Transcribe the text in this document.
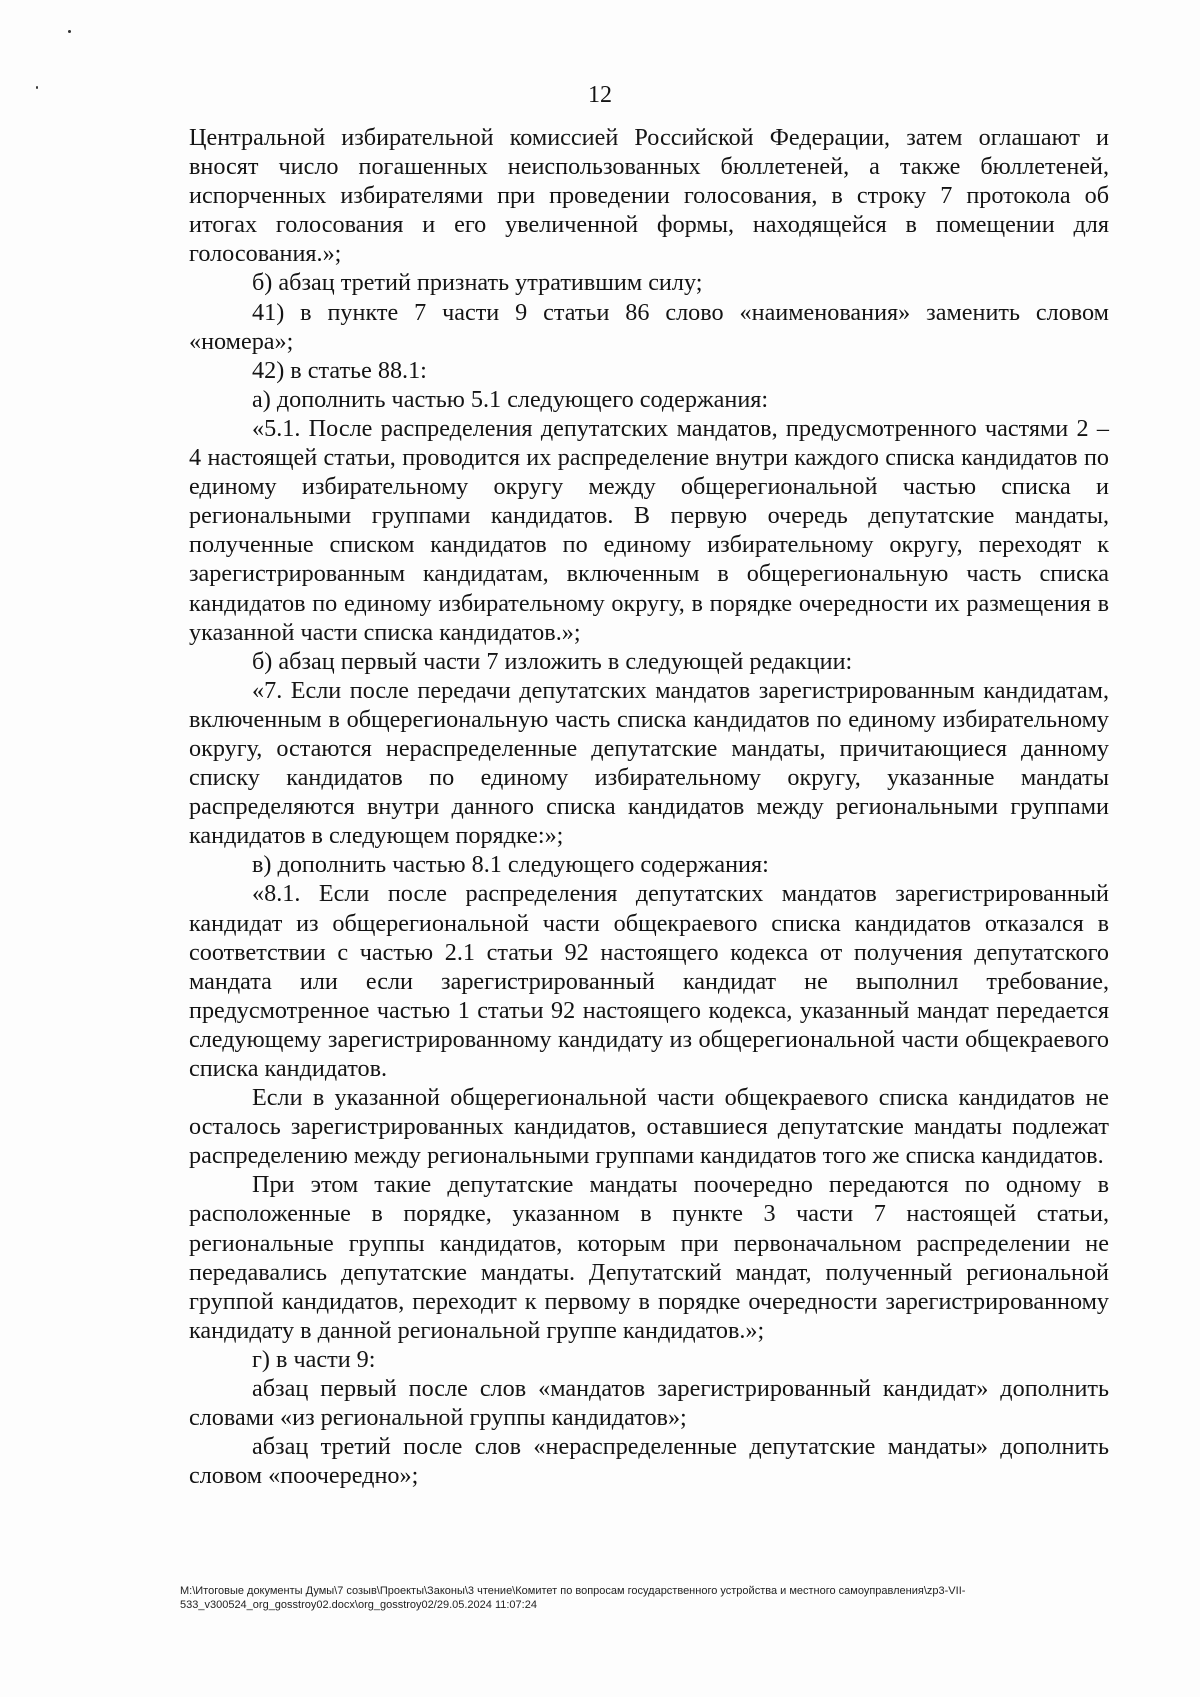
12

Центральной избирательной комиссией Российской Федерации, затем оглашают и вносят число погашенных неиспользованных бюллетеней, а также бюллетеней, испорченных избирателями при проведении голосования, в строку 7 протокола об итогах голосования и его увеличенной формы, находящейся в помещении для голосования.»;

б) абзац третий признать утратившим силу;

41) в пункте 7 части 9 статьи 86 слово «наименования» заменить словом «номера»;

42) в статье 88.1:

а) дополнить частью 5.1 следующего содержания:

«5.1. После распределения депутатских мандатов, предусмотренного частями 2 – 4 настоящей статьи, проводится их распределение внутри каждого списка кандидатов по единому избирательному округу между общерегиональной частью списка и региональными группами кандидатов. В первую очередь депутатские мандаты, полученные списком кандидатов по единому избирательному округу, переходят к зарегистрированным кандидатам, включенным в общерегиональную часть списка кандидатов по единому избирательному округу, в порядке очередности их размещения в указанной части списка кандидатов.»;

б) абзац первый части 7 изложить в следующей редакции:

«7. Если после передачи депутатских мандатов зарегистрированным кандидатам, включенным в общерегиональную часть списка кандидатов по единому избирательному округу, остаются нераспределенные депутатские мандаты, причитающиеся данному списку кандидатов по единому избирательному округу, указанные мандаты распределяются внутри данного списка кандидатов между региональными группами кандидатов в следующем порядке:»;

в) дополнить частью 8.1 следующего содержания:

«8.1. Если после распределения депутатских мандатов зарегистрированный кандидат из общерегиональной части общекраевого списка кандидатов отказался в соответствии с частью 2.1 статьи 92 настоящего кодекса от получения депутатского мандата или если зарегистрированный кандидат не выполнил требование, предусмотренное частью 1 статьи 92 настоящего кодекса, указанный мандат передается следующему зарегистрированному кандидату из общерегиональной части общекраевого списка кандидатов.

Если в указанной общерегиональной части общекраевого списка кандидатов не осталось зарегистрированных кандидатов, оставшиеся депутатские мандаты подлежат распределению между региональными группами кандидатов того же списка кандидатов.

При этом такие депутатские мандаты поочередно передаются по одному в расположенные в порядке, указанном в пункте 3 части 7 настоящей статьи, региональные группы кандидатов, которым при первоначальном распределении не передавались депутатские мандаты. Депутатский мандат, полученный региональной группой кандидатов, переходит к первому в порядке очередности зарегистрированному кандидату в данной региональной группе кандидатов.»;

г) в части 9:

абзац первый после слов «мандатов зарегистрированный кандидат» дополнить словами «из региональной группы кандидатов»;

абзац третий после слов «нераспределенные депутатские мандаты» дополнить словом «поочередно»;

M:\Итоговые документы Думы\7 созыв\Проекты\Законы\3 чтение\Комитет по вопросам государственного устройства и местного самоуправления\zp3-VII-533_v300524_org_gosstroy02.docx\org_gosstroy02/29.05.2024 11:07:24
